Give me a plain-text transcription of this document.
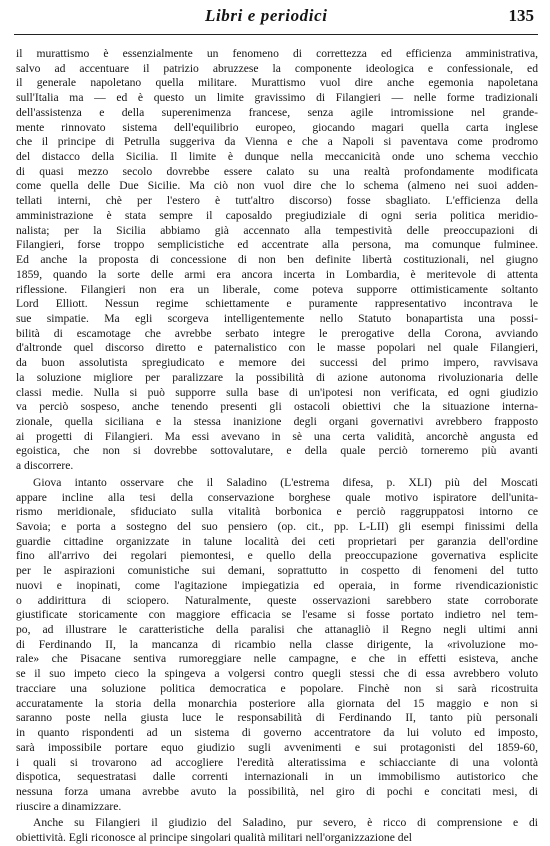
Libri e periodici	135
il murattismo è essenzialmente un fenomeno di correttezza ed efficienza amministrativa,
salvo ad accentuare il patrizio abruzzese la componente ideologica e confessionale, ed
il generale napoletano quella militare. Murattismo vuol dire anche egemonia napoletana
sull'Italia ma — ed è questo un limite gravissimo di Filangieri — nelle forme tradizionali
dell'assistenza e della superenimenza francese, senza agile intromissione nel grande-
mente rinnovato sistema dell'equilibrio europeo, giocando magari quella carta inglese
che il principe di Petrulla suggeriva da Vienna e che a Napoli si paventava come prodromo
del distacco della Sicilia. Il limite è dunque nella meccanicità onde uno schema vecchio
di quasi mezzo secolo dovrebbe essere calato su una realtà profondamente modificata
come quella delle Due Sicilie. Ma ciò non vuol dire che lo schema (almeno nei suoi adden-
tellati interni, chè per l'estero è tutt'altro discorso) fosse sbagliato. L'efficienza della
amministrazione è stata sempre il caposaldo pregiudiziale di ogni seria politica meridio-
nalista; per la Sicilia abbiamo già accennato alla tempestività delle preoccupazioni di
Filangieri, forse troppo semplicistiche ed accentrate alla persona, ma comunque fulminee.
Ed anche la proposta di concessione di non ben definite libertà costituzionali, nel giugno
1859, quando la sorte delle armi era ancora incerta in Lombardia, è meritevole di attenta
riflessione. Filangieri non era un liberale, come poteva supporre ottimisticamente soltanto
Lord Elliott. Nessun regime schiettamente e puramente rappresentativo incontrava le
sue simpatie. Ma egli scorgeva intelligentemente nello Statuto bonapartista una possi-
bilità di escamotage che avrebbe serbato integre le prerogative della Corona, avviando
d'altronde quel discorso diretto e paternalistico con le masse popolari nel quale Filangieri,
da buon assolutista spregiudicato e memore dei successi del primo impero, ravvisava
la soluzione migliore per paralizzare la possibilità di azione autonoma rivoluzionaria delle
classi medie. Nulla si può supporre sulla base di un'ipotesi non verificata, ed ogni giudizio
va perciò sospeso, anche tenendo presenti gli ostacoli obiettivi che la situazione interna-
zionale, quella siciliana e la stessa inanizione degli organi governativi avrebbero frapposto
ai progetti di Filangieri. Ma essi avevano in sè una certa validità, ancorchè angusta ed
egoistica, che non si dovrebbe sottovalutare, e della quale perciò torneremo più avanti
a discorrere.
Giova intanto osservare che il Saladino (L'estrema difesa, p. XLI) più del Moscati
appare incline alla tesi della conservazione borghese quale motivo ispiratore dell'unita-
rismo meridionale, sfiduciato sulla vitalità borbonica e perciò raggruppatosi intorno ce
Savoia; e porta a sostegno del suo pensiero (op. cit., pp. L-LII) gli esempi finissimi della
guardie cittadine organizzate in talune località dei ceti proprietari per garanzia dell'ordine
fino all'arrivo dei regolari piemontesi, e quello della preoccupazione governativa esplicite
per le aspirazioni comunistiche sui demani, soprattutto in cospetto di fenomeni del tutto
nuovi e inopinati, come l'agitazione impiegatizia ed operaia, in forme rivendicazionistic
o addirittura di sciopero. Naturalmente, queste osservazioni sarebbero state corroborate
giustificate storicamente con maggiore efficacia se l'esame si fosse portato indietro nel tem-
po, ad illustrare le caratteristiche della paralisi che attanagliò il Regno negli ultimi anni
di Ferdinando II, la mancanza di ricambio nella classe dirigente, la «rivoluzione mo-
rale» che Pisacane sentiva rumoreggiare nelle campagne, e che in effetti esisteva, anche
se il suo impeto cieco la spingeva a volgersi contro quegli stessi che di essa avrebbero voluto
tracciare una soluzione politica democratica e popolare. Finchè non si sarà ricostruita
accuratamente la storia della monarchia posteriore alla giornata del 15 maggio e non si
saranno poste nella giusta luce le responsabilità di Ferdinando II, tanto più personali
in quanto rispondenti ad un sistema di governo accentratore da lui voluto ed imposto,
sarà impossibile portare equo giudizio sugli avvenimenti e sui protagonisti del 1859-60,
i quali si trovarono ad accogliere l'eredità alteratissima e schiacciante di una volontà
dispotica, sequestratasi dalle correnti internazionali in un immobilismo autistorico che
nessuna forza umana avrebbe avuto la possibilità, nel giro di pochi e concitati mesi, di
riuscire a dinamizzare.
Anche su Filangieri il giudizio del Saladino, pur severo, è ricco di comprensione e di
obiettività. Egli riconosce al principe singolari qualità militari nell'organizzazione del
